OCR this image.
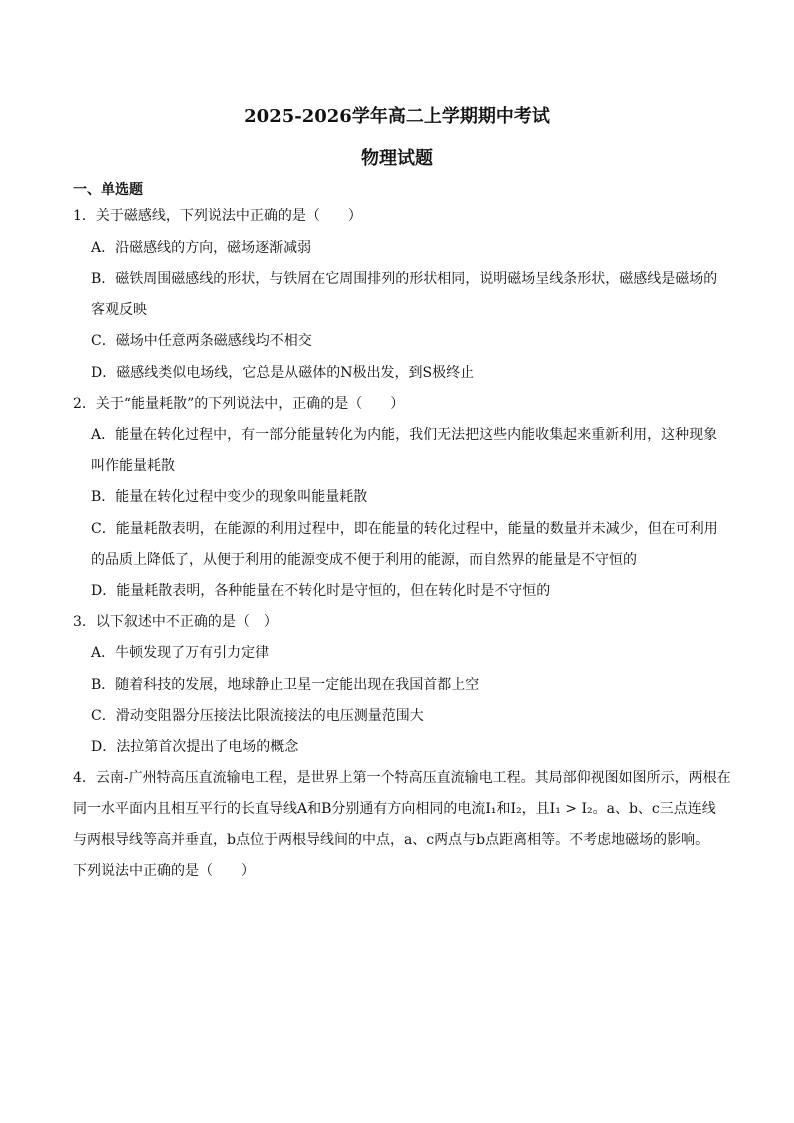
2025-2026学年高二上学期期中考试
物理试题
一、单选题
1．关于磁感线，下列说法中正确的是（　　）
A．沿磁感线的方向，磁场逐渐减弱
B．磁铁周围磁感线的形状，与铁屑在它周围排列的形状相同，说明磁场呈线条形状，磁感线是磁场的
客观反映
C．磁场中任意两条磁感线均不相交
D．磁感线类似电场线，它总是从磁体的N极出发，到S极终止
2．关于“能量耗散”的下列说法中，正确的是（　　）
A．能量在转化过程中，有一部分能量转化为内能，我们无法把这些内能收集起来重新利用，这种现象
叫作能量耗散
B．能量在转化过程中变少的现象叫能量耗散
C．能量耗散表明，在能源的利用过程中，即在能量的转化过程中，能量的数量并未减少，但在可利用
的品质上降低了，从便于利用的能源变成不便于利用的能源，而自然界的能量是不守恒的
D．能量耗散表明，各种能量在不转化时是守恒的，但在转化时是不守恒的
3．以下叙述中不正确的是（　）
A．牛顿发现了万有引力定律
B．随着科技的发展，地球静止卫星一定能出现在我国首都上空
C．滑动变阻器分压接法比限流接法的电压测量范围大
D．法拉第首次提出了电场的概念
4．云南-广州特高压直流输电工程，是世界上第一个特高压直流输电工程。其局部仰视图如图所示，两根在
同一水平面内且相互平行的长直导线A和B分别通有方向相同的电流I₁和I₂，且I₁ > I₂。a、b、c三点连线
与两根导线等高并垂直，b点位于两根导线间的中点，a、c两点与b点距离相等。不考虑地磁场的影响。
下列说法中正确的是（　　）
